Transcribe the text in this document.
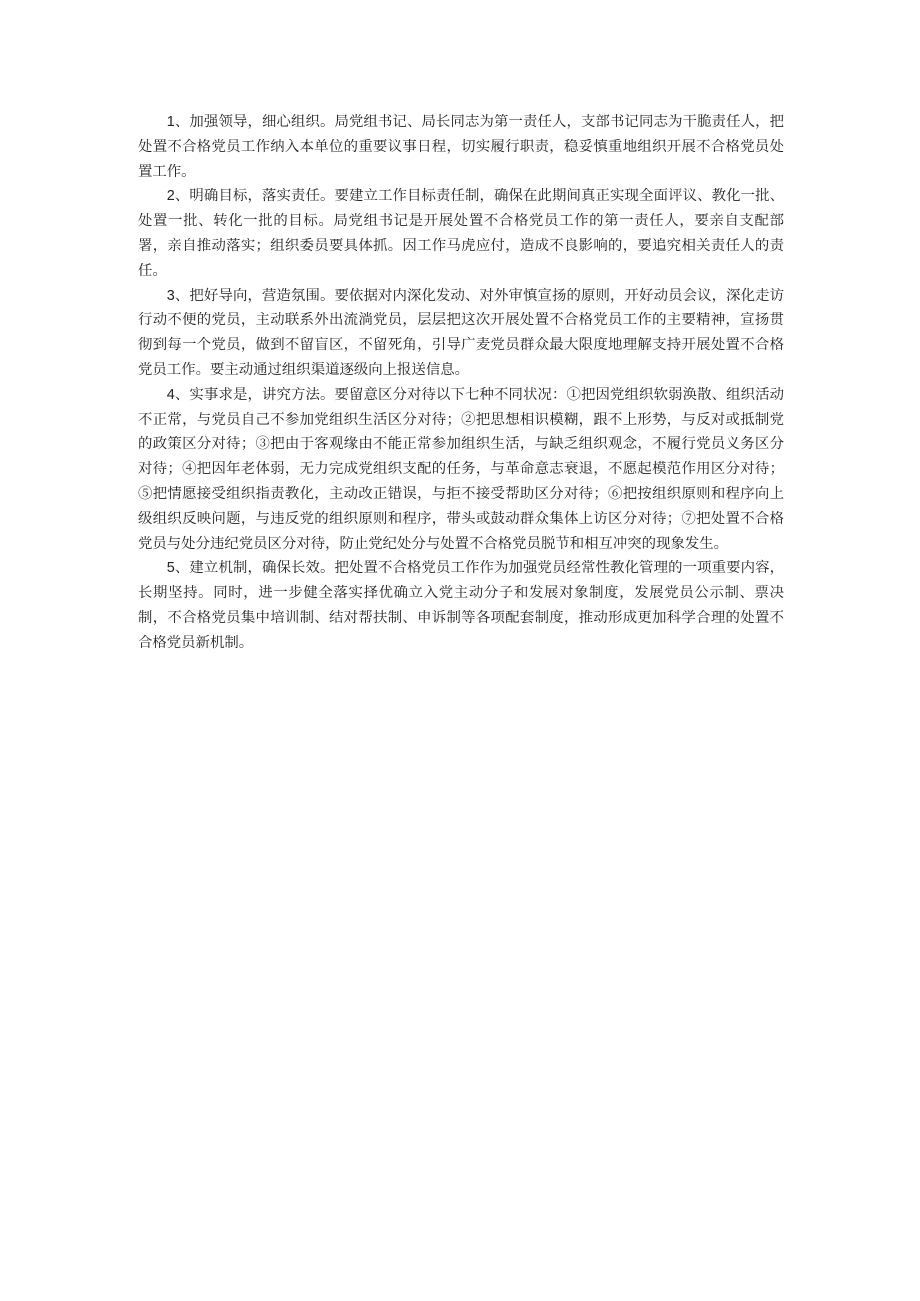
1、加强领导，细心组织。局党组书记、局长同志为第一责任人，支部书记同志为干脆责任人，把处置不合格党员工作纳入本单位的重要议事日程，切实履行职责，稳妥慎重地组织开展不合格党员处置工作。

2、明确目标，落实责任。要建立工作目标责任制，确保在此期间真正实现全面评议、教化一批、处置一批、转化一批的目标。局党组书记是开展处置不合格党员工作的第一责任人，要亲自支配部署，亲自推动落实；组织委员要具体抓。因工作马虎应付，造成不良影响的，要追究相关责任人的责任。

3、把好导向，营造氛围。要依据对内深化发动、对外审慎宣扬的原则，开好动员会议，深化走访行动不便的党员，主动联系外出流淌党员，层层把这次开展处置不合格党员工作的主要精神，宣扬贯彻到每一个党员，做到不留盲区，不留死角，引导广麦党员群众最大限度地理解支持开展处置不合格党员工作。要主动通过组织渠道逐级向上报送信息。

4、实事求是，讲究方法。要留意区分对待以下七种不同状况：①把因党组织软弱涣散、组织活动不正常，与党员自己不参加党组织生活区分对待；②把思想相识模糊，跟不上形势，与反对或抵制党的政策区分对待；③把由于客观缘由不能正常参加组织生活，与缺乏组织观念，不履行党员义务区分对待；④把因年老体弱，无力完成党组织支配的任务，与革命意志衰退，不愿起模范作用区分对待；⑤把情愿接受组织指责教化，主动改正错误，与拒不接受帮助区分对待；⑥把按组织原则和程序向上级组织反映问题，与违反党的组织原则和程序，带头或鼓动群众集体上访区分对待；⑦把处置不合格党员与处分违纪党员区分对待，防止党纪处分与处置不合格党员脱节和相互冲突的现象发生。

5、建立机制，确保长效。把处置不合格党员工作作为加强党员经常性教化管理的一项重要内容，长期坚持。同时，进一步健全落实择优确立入党主动分子和发展对象制度，发展党员公示制、票决制，不合格党员集中培训制、结对帮扶制、申诉制等各项配套制度，推动形成更加科学合理的处置不合格党员新机制。
